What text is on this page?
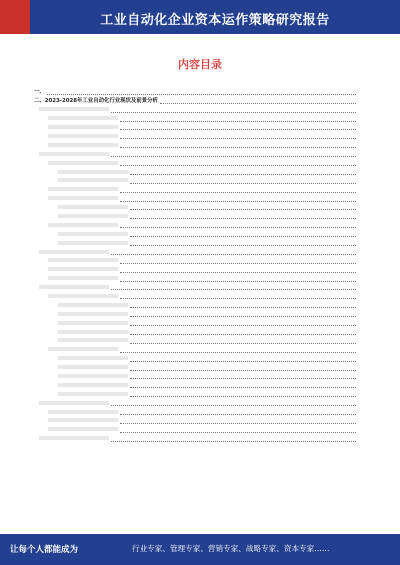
工业自动化企业资本运作策略研究报告
内容目录
一、
二、2023-2028年工业自动化行业现状及前景分析
让每个人都能成为	行业专家、管理专家、营销专家、战略专家、资本专家……
